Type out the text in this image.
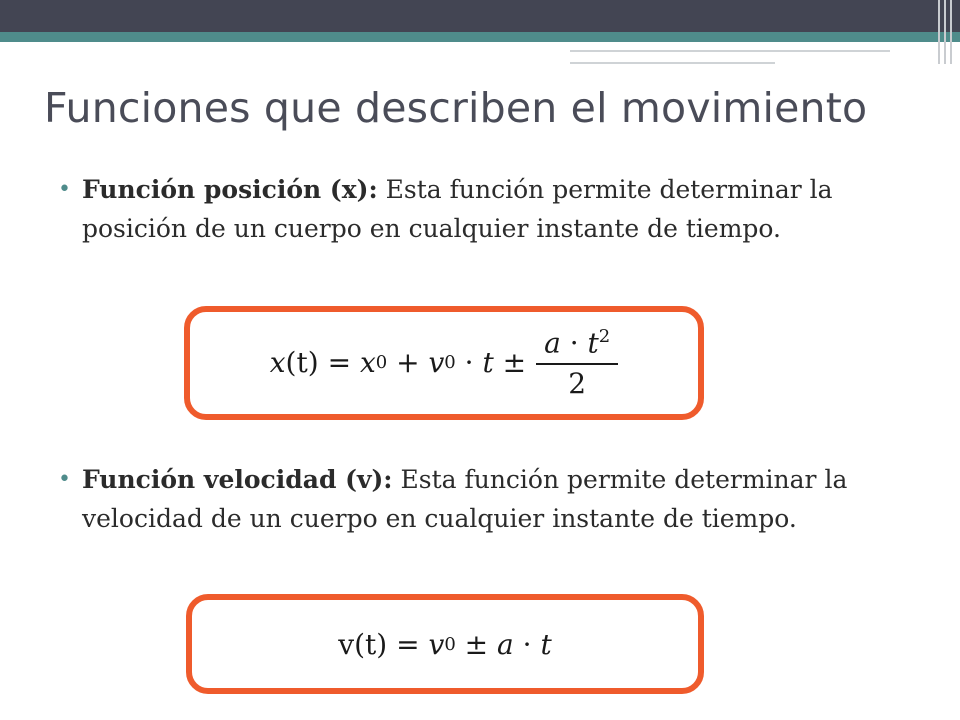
Funciones que describen el movimiento
• Función posición (x): Esta función permite determinar la posición de un cuerpo en cualquier instante de tiempo.
x (t)
=
x 0
+
v 0
·
t
± $\frac{a \cdot t^2}{2}$
• Función velocidad (v): Esta función permite determinar la velocidad de un cuerpo en cualquier instante de tiempo.
v (t)
=
v 0
±
a
·
t
